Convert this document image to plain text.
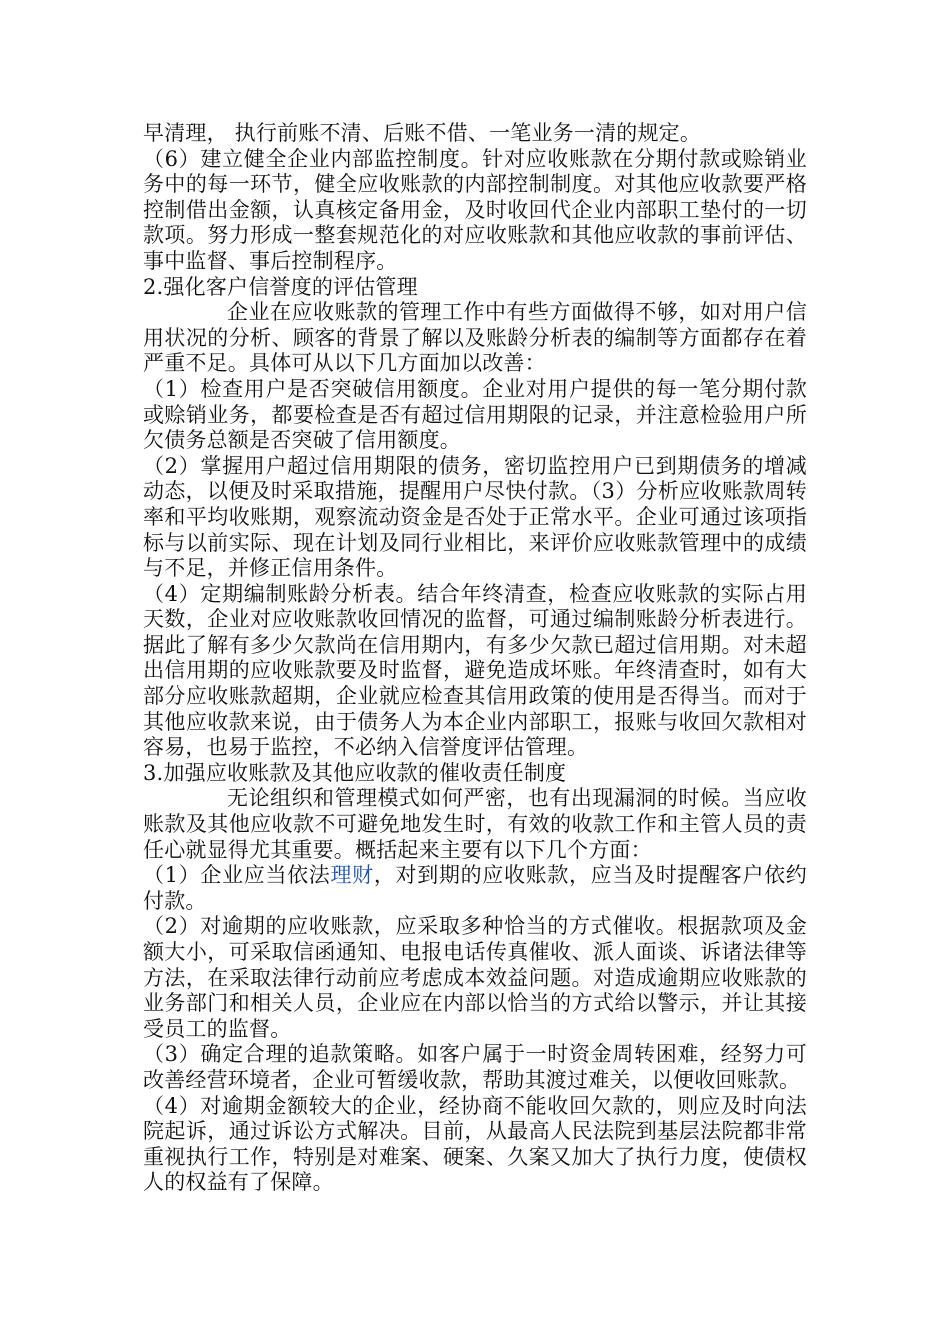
早清理， 执行前账不清、后账不借、一笔业务一清的规定。

（6）建立健全企业内部监控制度。针对应收账款在分期付款或赊销业务中的每一环节，健全应收账款的内部控制制度。对其他应收款要严格控制借出金额，认真核定备用金，及时收回代企业内部职工垫付的一切款项。努力形成一整套规范化的对应收账款和其他应收款的事前评估、事中监督、事后控制程序。

2.强化客户信誉度的评估管理

企业在应收账款的管理工作中有些方面做得不够，如对用户信用状况的分析、顾客的背景了解以及账龄分析表的编制等方面都存在着严重不足。具体可从以下几方面加以改善：

（1）检查用户是否突破信用额度。企业对用户提供的每一笔分期付款或赊销业务，都要检查是否有超过信用期限的记录，并注意检验用户所欠债务总额是否突破了信用额度。

（2）掌握用户超过信用期限的债务，密切监控用户已到期债务的增减动态，以便及时采取措施，提醒用户尽快付款。（3）分析应收账款周转率和平均收账期，观察流动资金是否处于正常水平。企业可通过该项指标与以前实际、现在计划及同行业相比，来评价应收账款管理中的成绩与不足，并修正信用条件。

（4）定期编制账龄分析表。结合年终清查，检查应收账款的实际占用天数，企业对应收账款收回情况的监督，可通过编制账龄分析表进行。据此了解有多少欠款尚在信用期内，有多少欠款已超过信用期。对未超出信用期的应收账款要及时监督，避免造成坏账。年终清查时，如有大部分应收账款超期，企业就应检查其信用政策的使用是否得当。而对于其他应收款来说，由于债务人为本企业内部职工，报账与收回欠款相对容易，也易于监控，不必纳入信誉度评估管理。

3.加强应收账款及其他应收款的催收责任制度

无论组织和管理模式如何严密，也有出现漏洞的时候。当应收账款及其他应收款不可避免地发生时，有效的收款工作和主管人员的责任心就显得尤其重要。概括起来主要有以下几个方面：

（1）企业应当依法理财，对到期的应收账款，应当及时提醒客户依约付款。

（2）对逾期的应收账款，应采取多种恰当的方式催收。根据款项及金额大小，可采取信函通知、电报电话传真催收、派人面谈、诉诸法律等方法，在采取法律行动前应考虑成本效益问题。对造成逾期应收账款的业务部门和相关人员，企业应在内部以恰当的方式给以警示，并让其接受员工的监督。

（3）确定合理的追款策略。如客户属于一时资金周转困难，经努力可改善经营环境者，企业可暂缓收款，帮助其渡过难关，以便收回账款。

（4）对逾期金额较大的企业，经协商不能收回欠款的，则应及时向法院起诉，通过诉讼方式解决。目前，从最高人民法院到基层法院都非常重视执行工作，特别是对难案、硬案、久案又加大了执行力度，使债权人的权益有了保障。
